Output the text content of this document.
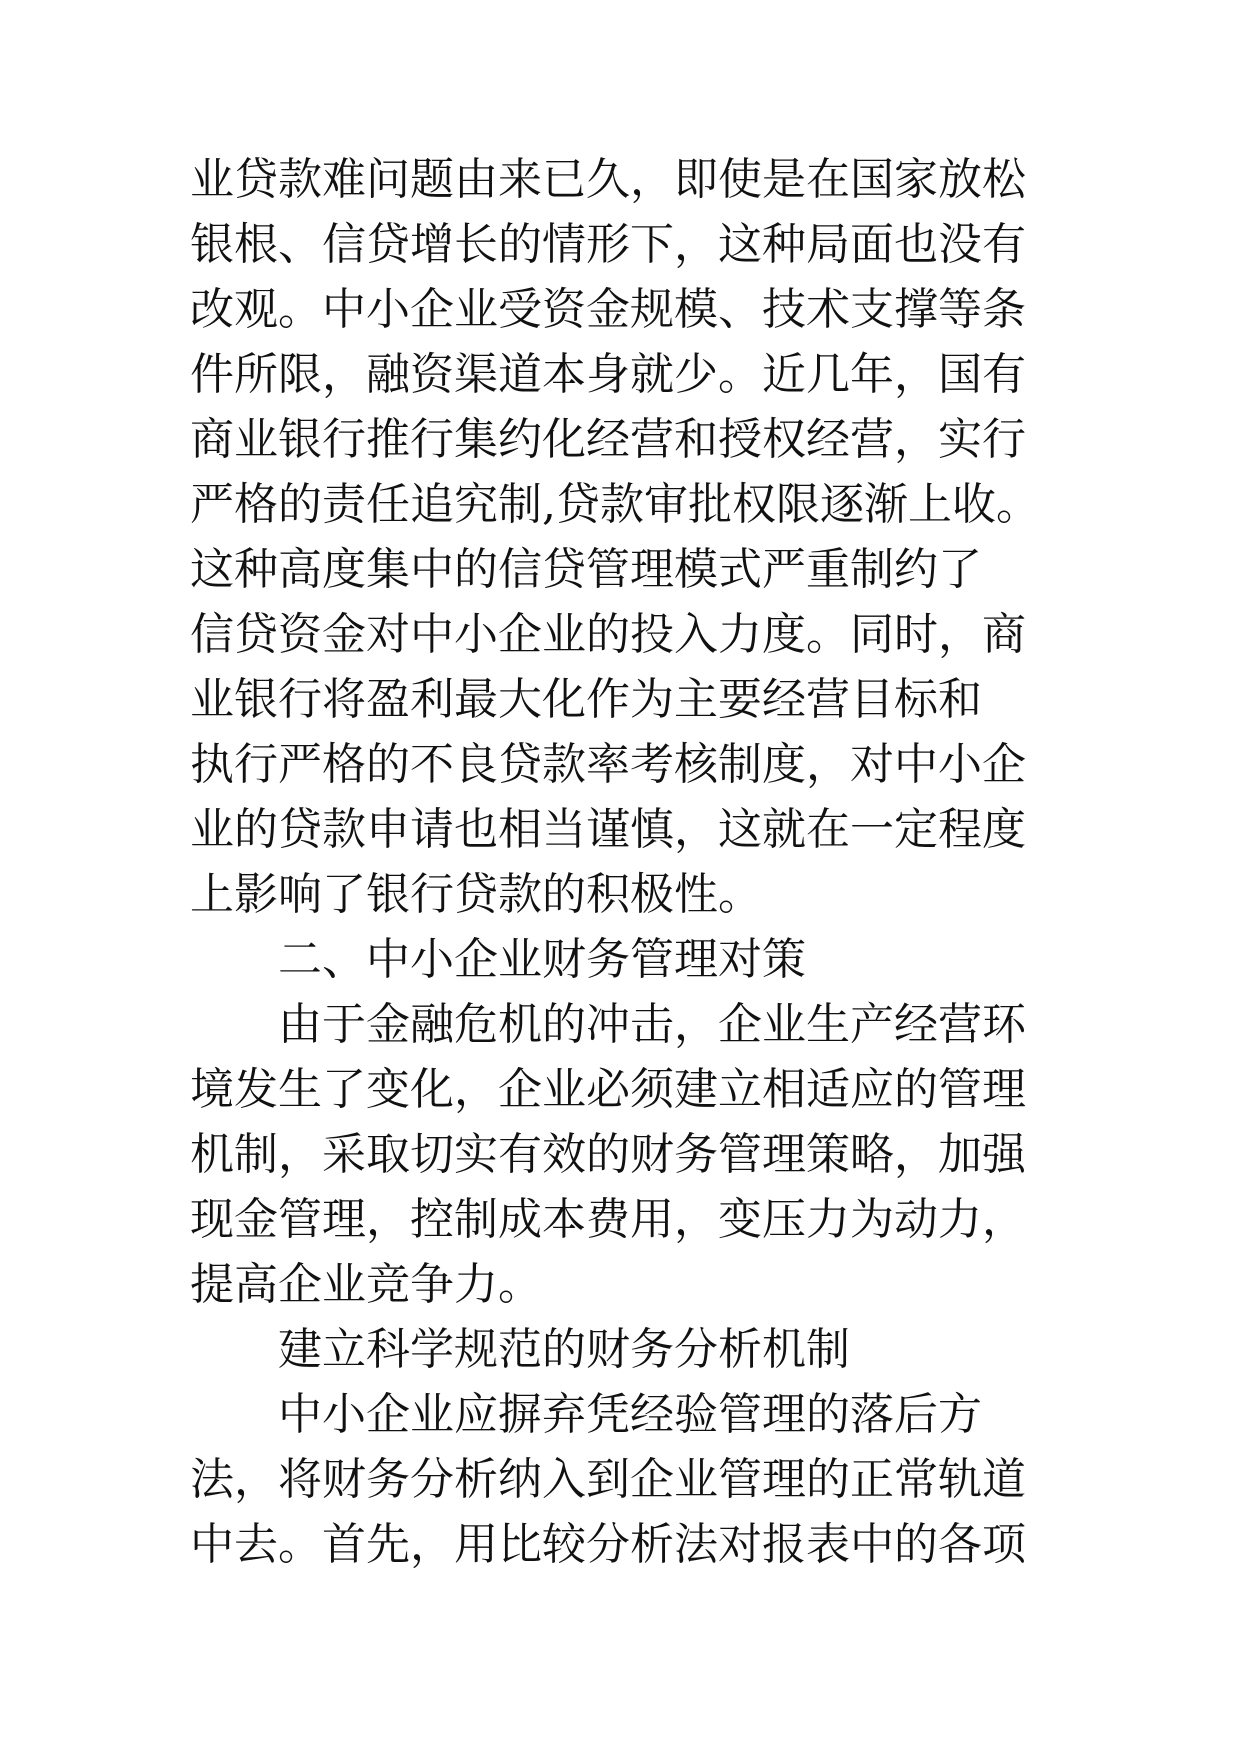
业贷款难问题由来已久，即使是在国家放松
银根、信贷增长的情形下，这种局面也没有
改观。中小企业受资金规模、技术支撑等条
件所限，融资渠道本身就少。近几年，国有
商业银行推行集约化经营和授权经营，实行
严格的责任追究制,贷款审批权限逐渐上收。
这种高度集中的信贷管理模式严重制约了
信贷资金对中小企业的投入力度。同时，商
业银行将盈利最大化作为主要经营目标和
执行严格的不良贷款率考核制度，对中小企
业的贷款申请也相当谨慎，这就在一定程度
上影响了银行贷款的积极性。
二、中小企业财务管理对策
由于金融危机的冲击，企业生产经营环
境发生了变化，企业必须建立相适应的管理
机制，采取切实有效的财务管理策略，加强
现金管理，控制成本费用，变压力为动力，
提高企业竞争力。
建立科学规范的财务分析机制
中小企业应摒弃凭经验管理的落后方
法，将财务分析纳入到企业管理的正常轨道
中去。首先，用比较分析法对报表中的各项
